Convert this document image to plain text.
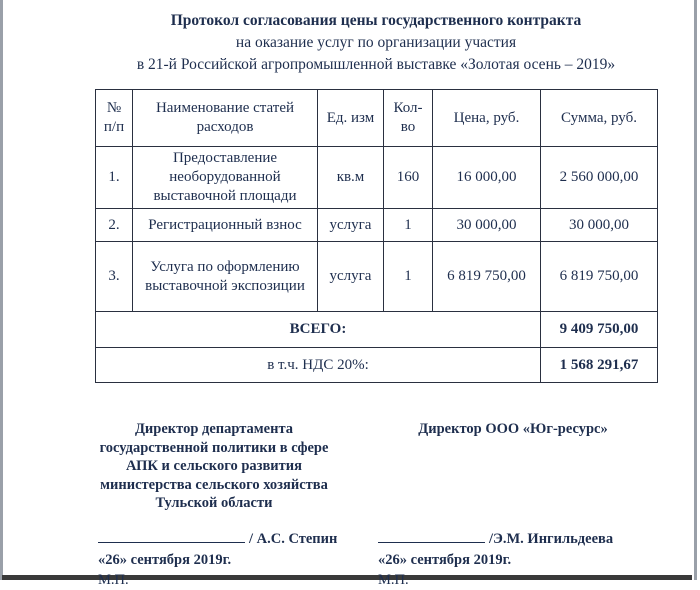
Протокол согласования цены государственного контракта
на оказание услуг по организации участия
в 21-й Российской агропромышленной выставке «Золотая осень – 2019»
№ п/п	Наименование статей расходов	Ед. изм	Кол-во	Цена, руб.	Сумма, руб.
1.	Предоставление необорудованной выставочной площади	кв.м	160	16 000,00	2 560 000,00
2.	Регистрационный взнос	услуга	1	30 000,00	30 000,00
3.	Услуга по оформлению выставочной экспозиции	услуга	1	6 819 750,00	6 819 750,00
ВСЕГО:					9 409 750,00
в т.ч. НДС 20%:					1 568 291,67
Директор департамента
государственной политики в сфере
АПК и сельского развития
министерства сельского хозяйства
Тульской области
/ А.С. Степин
«26» сентября 2019г.
М.П.
Директор ООО «Юг-ресурс»
/Э.М. Ингильдеева
«26» сентября 2019г.
М.П.
